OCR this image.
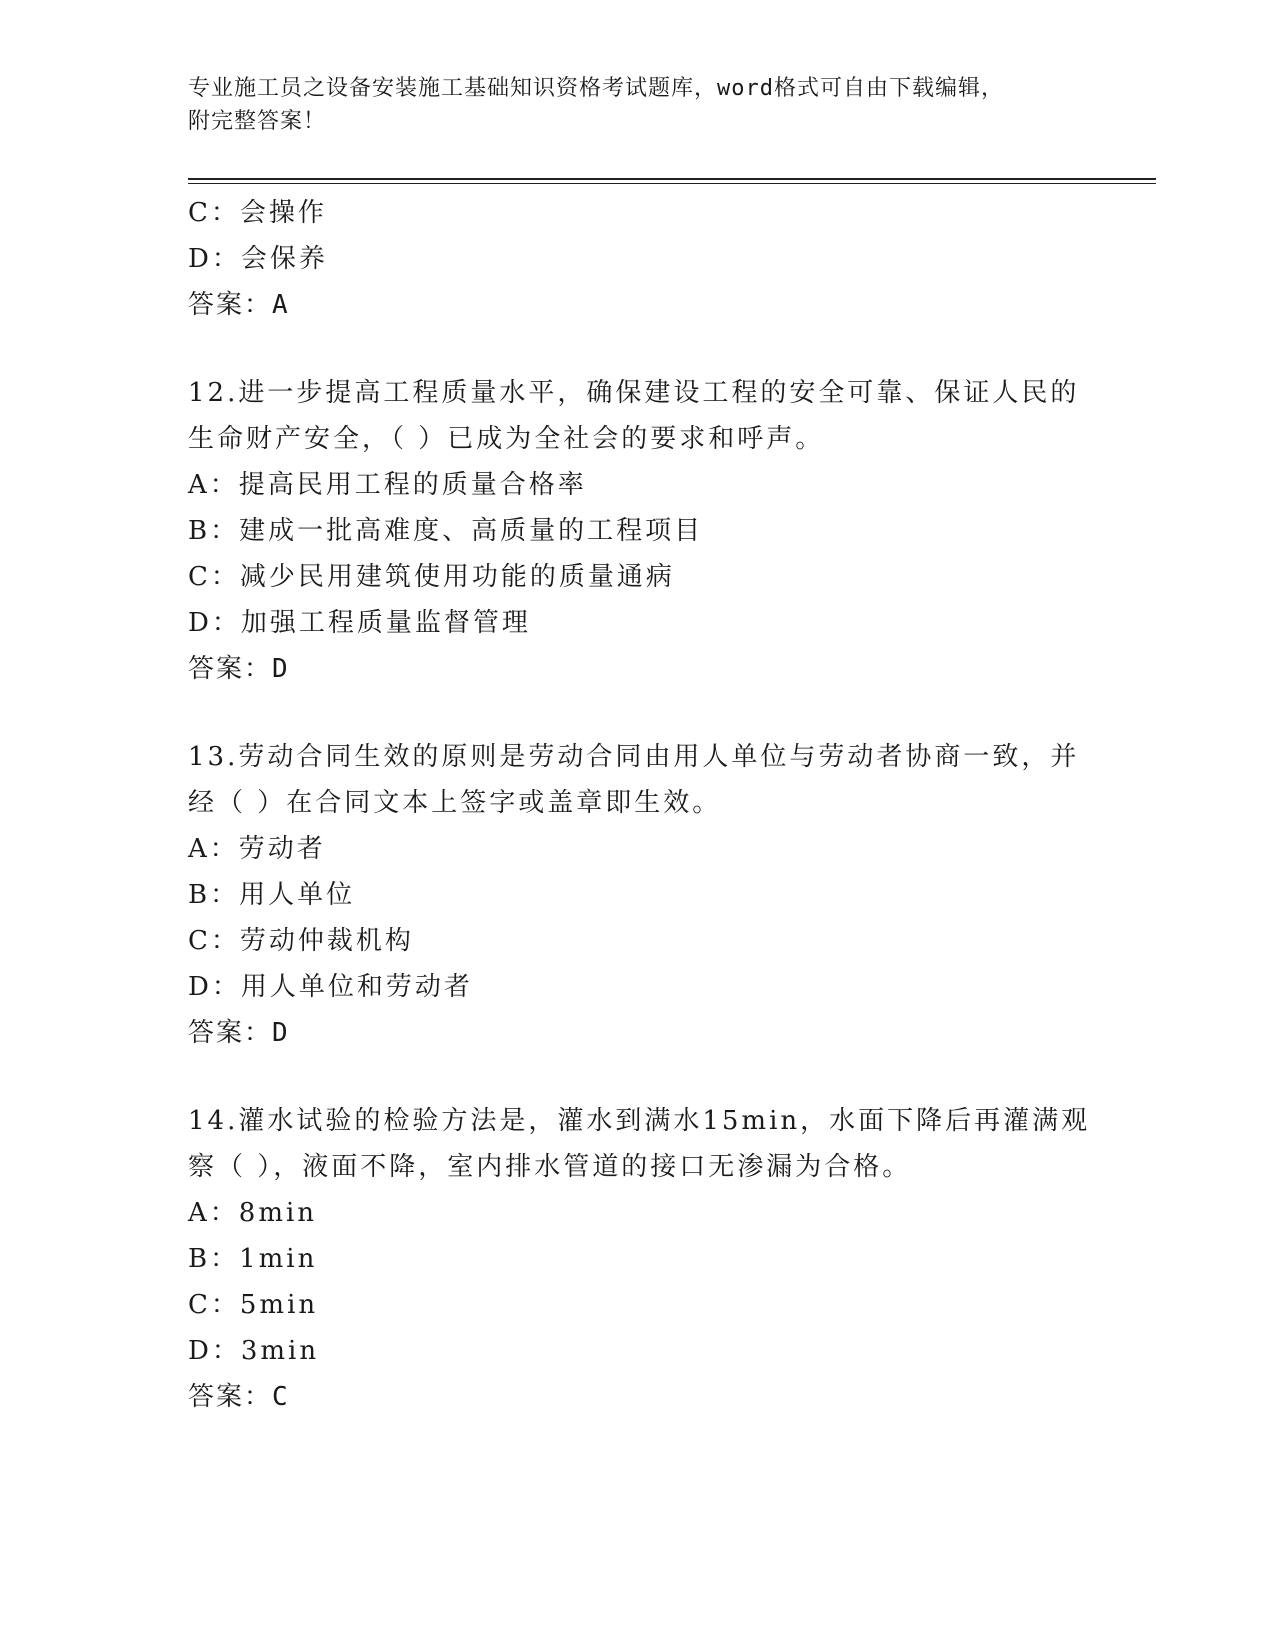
专业施工员之设备安装施工基础知识资格考试题库，word格式可自由下载编辑，
附完整答案！
C：会操作
D：会保养
答案：A
12.进一步提高工程质量水平，确保建设工程的安全可靠、保证人民的
生命财产安全，（ ）已成为全社会的要求和呼声。
A：提高民用工程的质量合格率
B：建成一批高难度、高质量的工程项目
C：减少民用建筑使用功能的质量通病
D：加强工程质量监督管理
答案：D
13.劳动合同生效的原则是劳动合同由用人单位与劳动者协商一致，并
经（ ）在合同文本上签字或盖章即生效。
A：劳动者
B：用人单位
C：劳动仲裁机构
D：用人单位和劳动者
答案：D
14.灌水试验的检验方法是，灌水到满水15min，水面下降后再灌满观
察（ ），液面不降，室内排水管道的接口无渗漏为合格。
A：8min
B：1min
C：5min
D：3min
答案：C
